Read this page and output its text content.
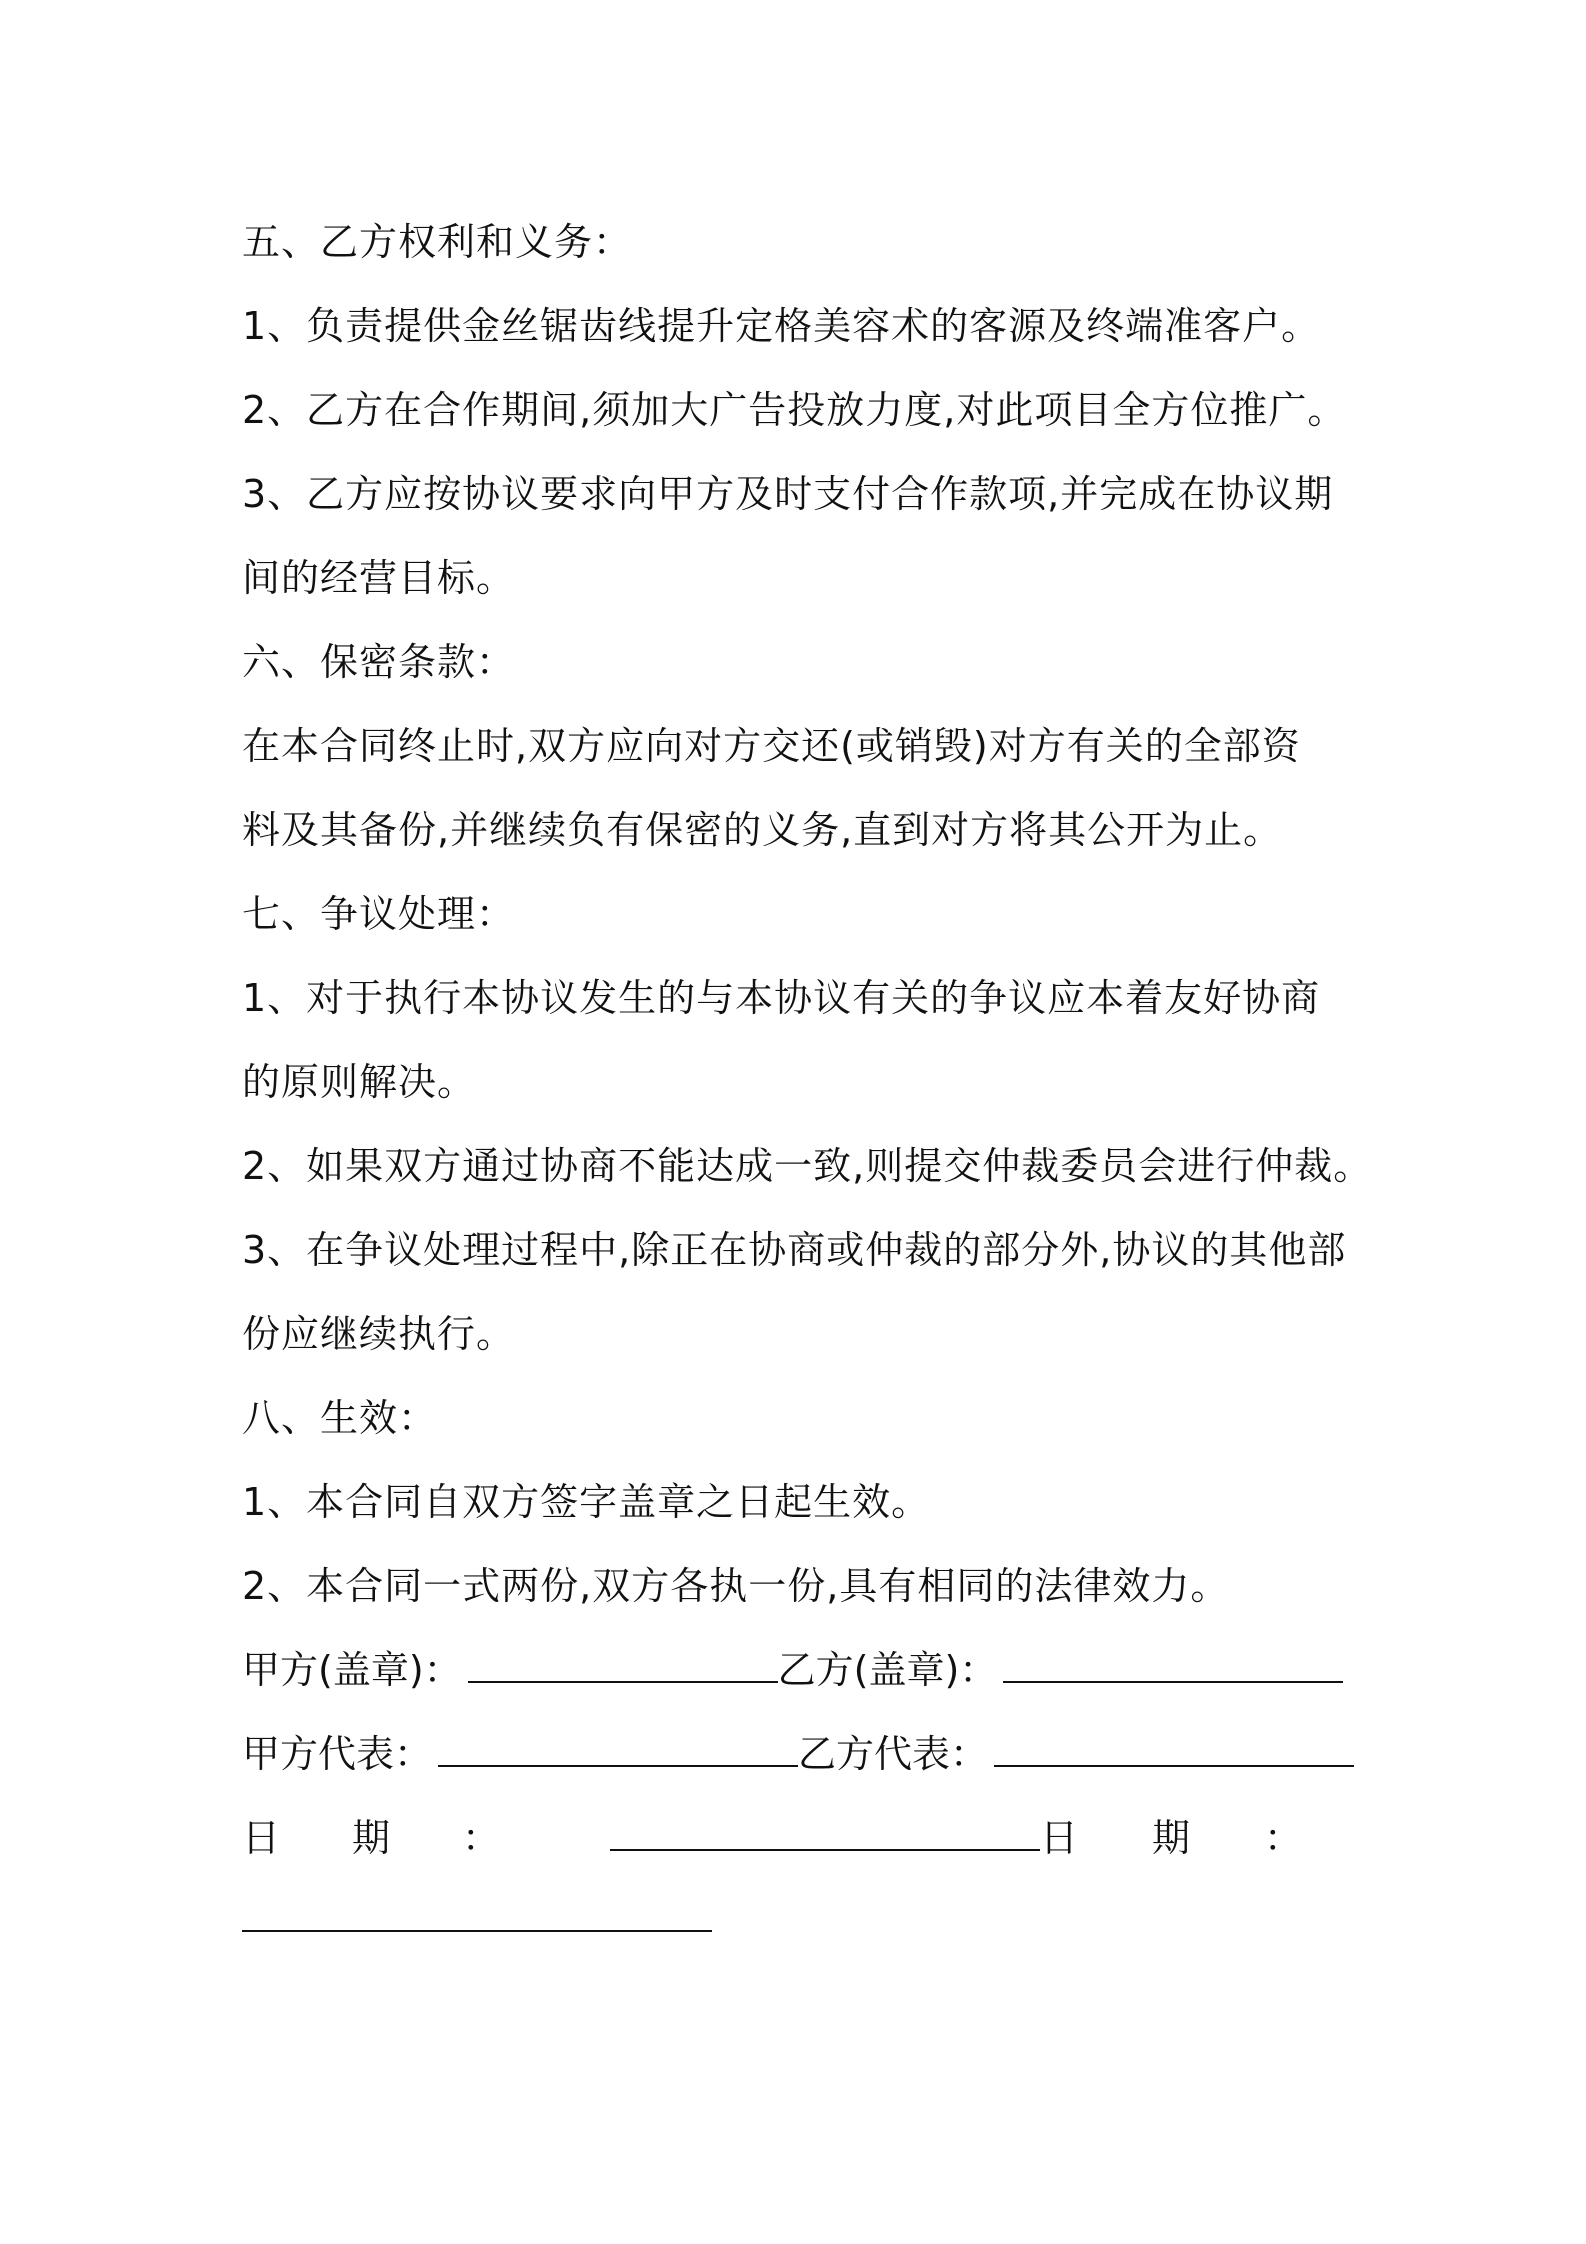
五、乙方权利和义务：
1、负责提供金丝锯齿线提升定格美容术的客源及终端准客户。
2、乙方在合作期间,须加大广告投放力度,对此项目全方位推广。
3、乙方应按协议要求向甲方及时支付合作款项,并完成在协议期
间的经营目标。
六、保密条款：
在本合同终止时,双方应向对方交还(或销毁)对方有关的全部资
料及其备份,并继续负有保密的义务,直到对方将其公开为止。
七、争议处理：
1、对于执行本协议发生的与本协议有关的争议应本着友好协商
的原则解决。
2、如果双方通过协商不能达成一致,则提交仲裁委员会进行仲裁。
3、在争议处理过程中,除正在协商或仲裁的部分外,协议的其他部
份应继续执行。
八、生效：
1、本合同自双方签字盖章之日起生效。
2、本合同一式两份,双方各执一份,具有相同的法律效力。
甲方(盖章)：	乙方(盖章)：
甲方代表：	乙方代表：
日 期 ：	日 期 ：
